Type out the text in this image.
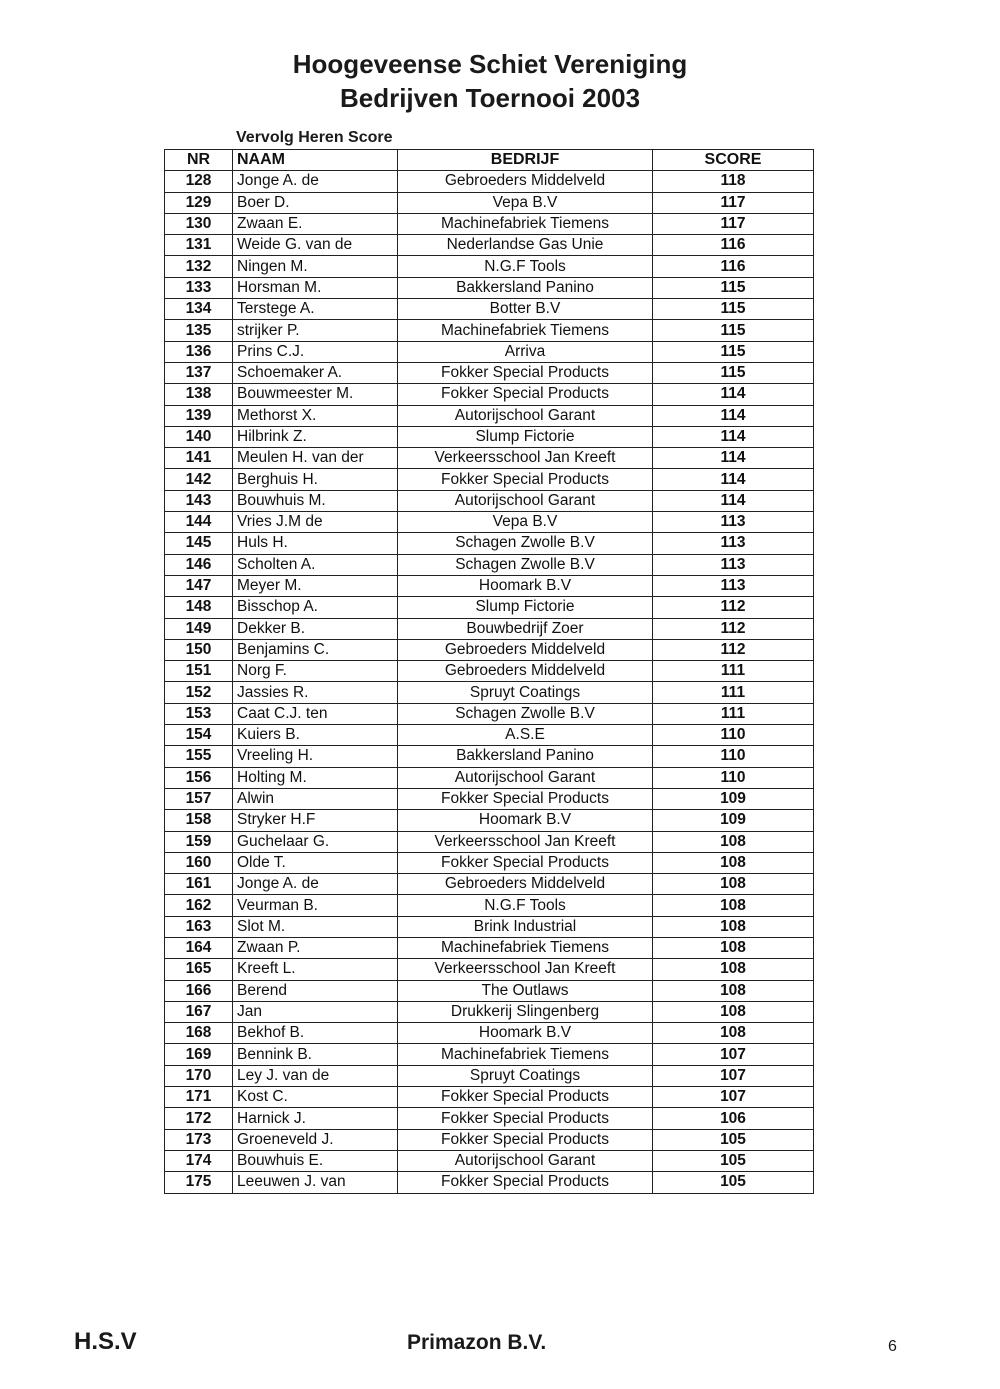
Hoogeveense Schiet Vereniging
Bedrijven Toernooi 2003
Vervolg Heren Score
NR	NAAM	BEDRIJF	SCORE
128	Jonge A. de	Gebroeders Middelveld	118
129	Boer D.	Vepa B.V	117
130	Zwaan E.	Machinefabriek Tiemens	117
131	Weide G. van de	Nederlandse Gas Unie	116
132	Ningen M.	N.G.F Tools	116
133	Horsman M.	Bakkersland Panino	115
134	Terstege A.	Botter B.V	115
135	strijker P.	Machinefabriek Tiemens	115
136	Prins C.J.	Arriva	115
137	Schoemaker A.	Fokker Special Products	115
138	Bouwmeester M.	Fokker Special Products	114
139	Methorst X.	Autorijschool Garant	114
140	Hilbrink Z.	Slump Fictorie	114
141	Meulen H. van der	Verkeersschool Jan Kreeft	114
142	Berghuis H.	Fokker Special Products	114
143	Bouwhuis M.	Autorijschool Garant	114
144	Vries J.M de	Vepa B.V	113
145	Huls H.	Schagen Zwolle B.V	113
146	Scholten A.	Schagen Zwolle B.V	113
147	Meyer M.	Hoomark B.V	113
148	Bisschop A.	Slump Fictorie	112
149	Dekker B.	Bouwbedrijf Zoer	112
150	Benjamins C.	Gebroeders Middelveld	112
151	Norg F.	Gebroeders Middelveld	111
152	Jassies R.	Spruyt Coatings	111
153	Caat C.J. ten	Schagen Zwolle B.V	111
154	Kuiers B.	A.S.E	110
155	Vreeling H.	Bakkersland Panino	110
156	Holting M.	Autorijschool Garant	110
157	Alwin	Fokker Special Products	109
158	Stryker H.F	Hoomark B.V	109
159	Guchelaar G.	Verkeersschool Jan Kreeft	108
160	Olde T.	Fokker Special Products	108
161	Jonge A. de	Gebroeders Middelveld	108
162	Veurman B.	N.G.F Tools	108
163	Slot M.	Brink Industrial	108
164	Zwaan P.	Machinefabriek Tiemens	108
165	Kreeft L.	Verkeersschool Jan Kreeft	108
166	Berend	The Outlaws	108
167	Jan	Drukkerij Slingenberg	108
168	Bekhof B.	Hoomark B.V	108
169	Bennink B.	Machinefabriek Tiemens	107
170	Ley J. van de	Spruyt Coatings	107
171	Kost C.	Fokker Special Products	107
172	Harnick J.	Fokker Special Products	106
173	Groeneveld J.	Fokker Special Products	105
174	Bouwhuis E.	Autorijschool Garant	105
175	Leeuwen J. van	Fokker Special Products	105
H.S.V	Primazon B.V.	6
